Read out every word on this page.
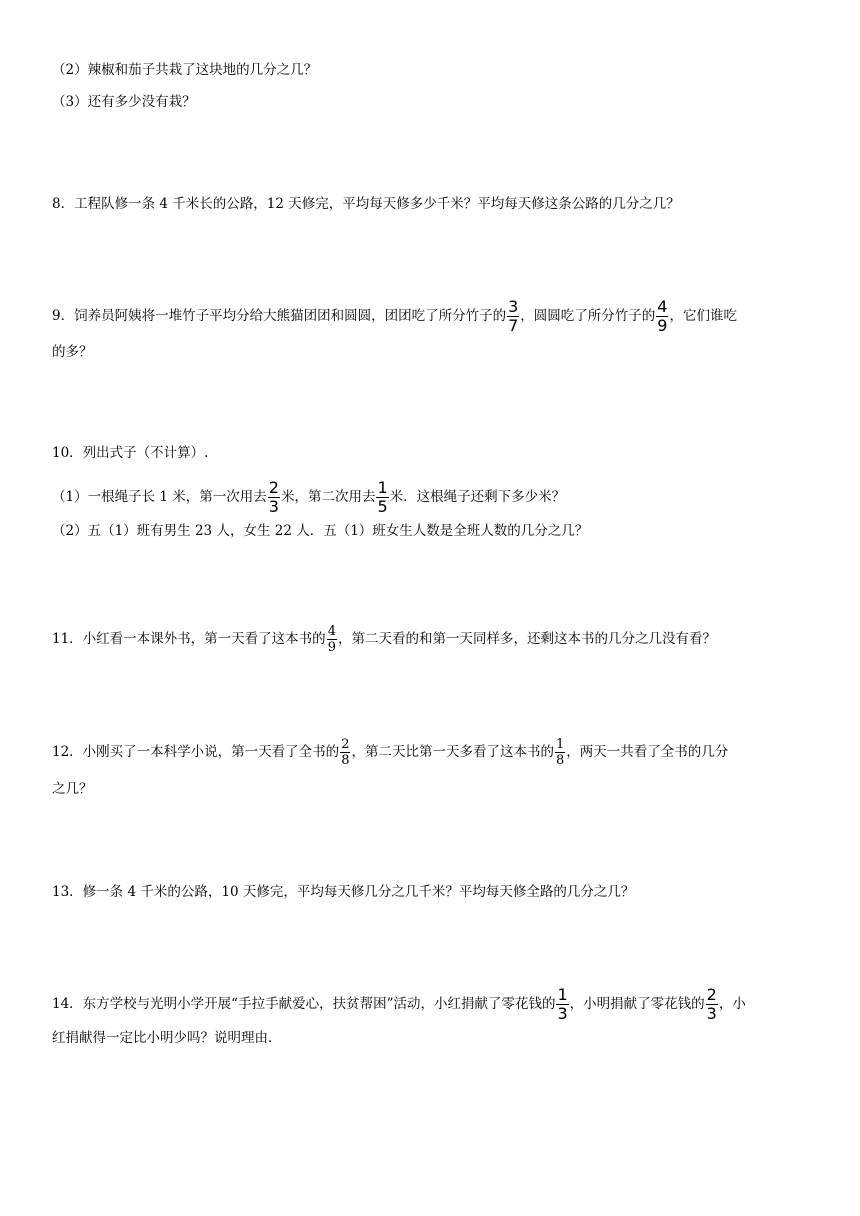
（2）辣椒和茄子共栽了这块地的几分之几？
（3）还有多少没有栽？
8．工程队修一条 4 千米长的公路，12 天修完，平均每天修多少千米？平均每天修这条公路的几分之几？
9．饲养员阿姨将一堆竹子平均分给大熊猫团团和圆圆，团团吃了所分竹子的 $\frac{3}{7}$ ，圆圆吃了所分竹子的 $\frac{4}{9}$ ，它们谁吃
的多？
10．列出式子（不计算）.
（1）一根绳子长 1 米，第一次用去 $\frac{2}{3}$ 米，第二次用去 $\frac{1}{5}$ 米．这根绳子还剩下多少米？
（2）五（1）班有男生 23 人，女生 22 人．五（1）班女生人数是全班人数的几分之几？
11．小红看一本课外书，第一天看了这本书的 $\frac{4}{9}$ ，第二天看的和第一天同样多，还剩这本书的几分之几没有看？
12．小刚买了一本科学小说，第一天看了全书的 $\frac{2}{8}$ ，第二天比第一天多看了这本书的 $\frac{1}{8}$ ，两天一共看了全书的几分
之几？
13．修一条 4 千米的公路，10 天修完，平均每天修几分之几千米？平均每天修全路的几分之几？
14．东方学校与光明小学开展“手拉手献爱心，扶贫帮困”活动，小红捐献了零花钱的 $\frac{1}{3}$ ，小明捐献了零花钱的 $\frac{2}{3}$ ，小
红捐献得一定比小明少吗？说明理由．
